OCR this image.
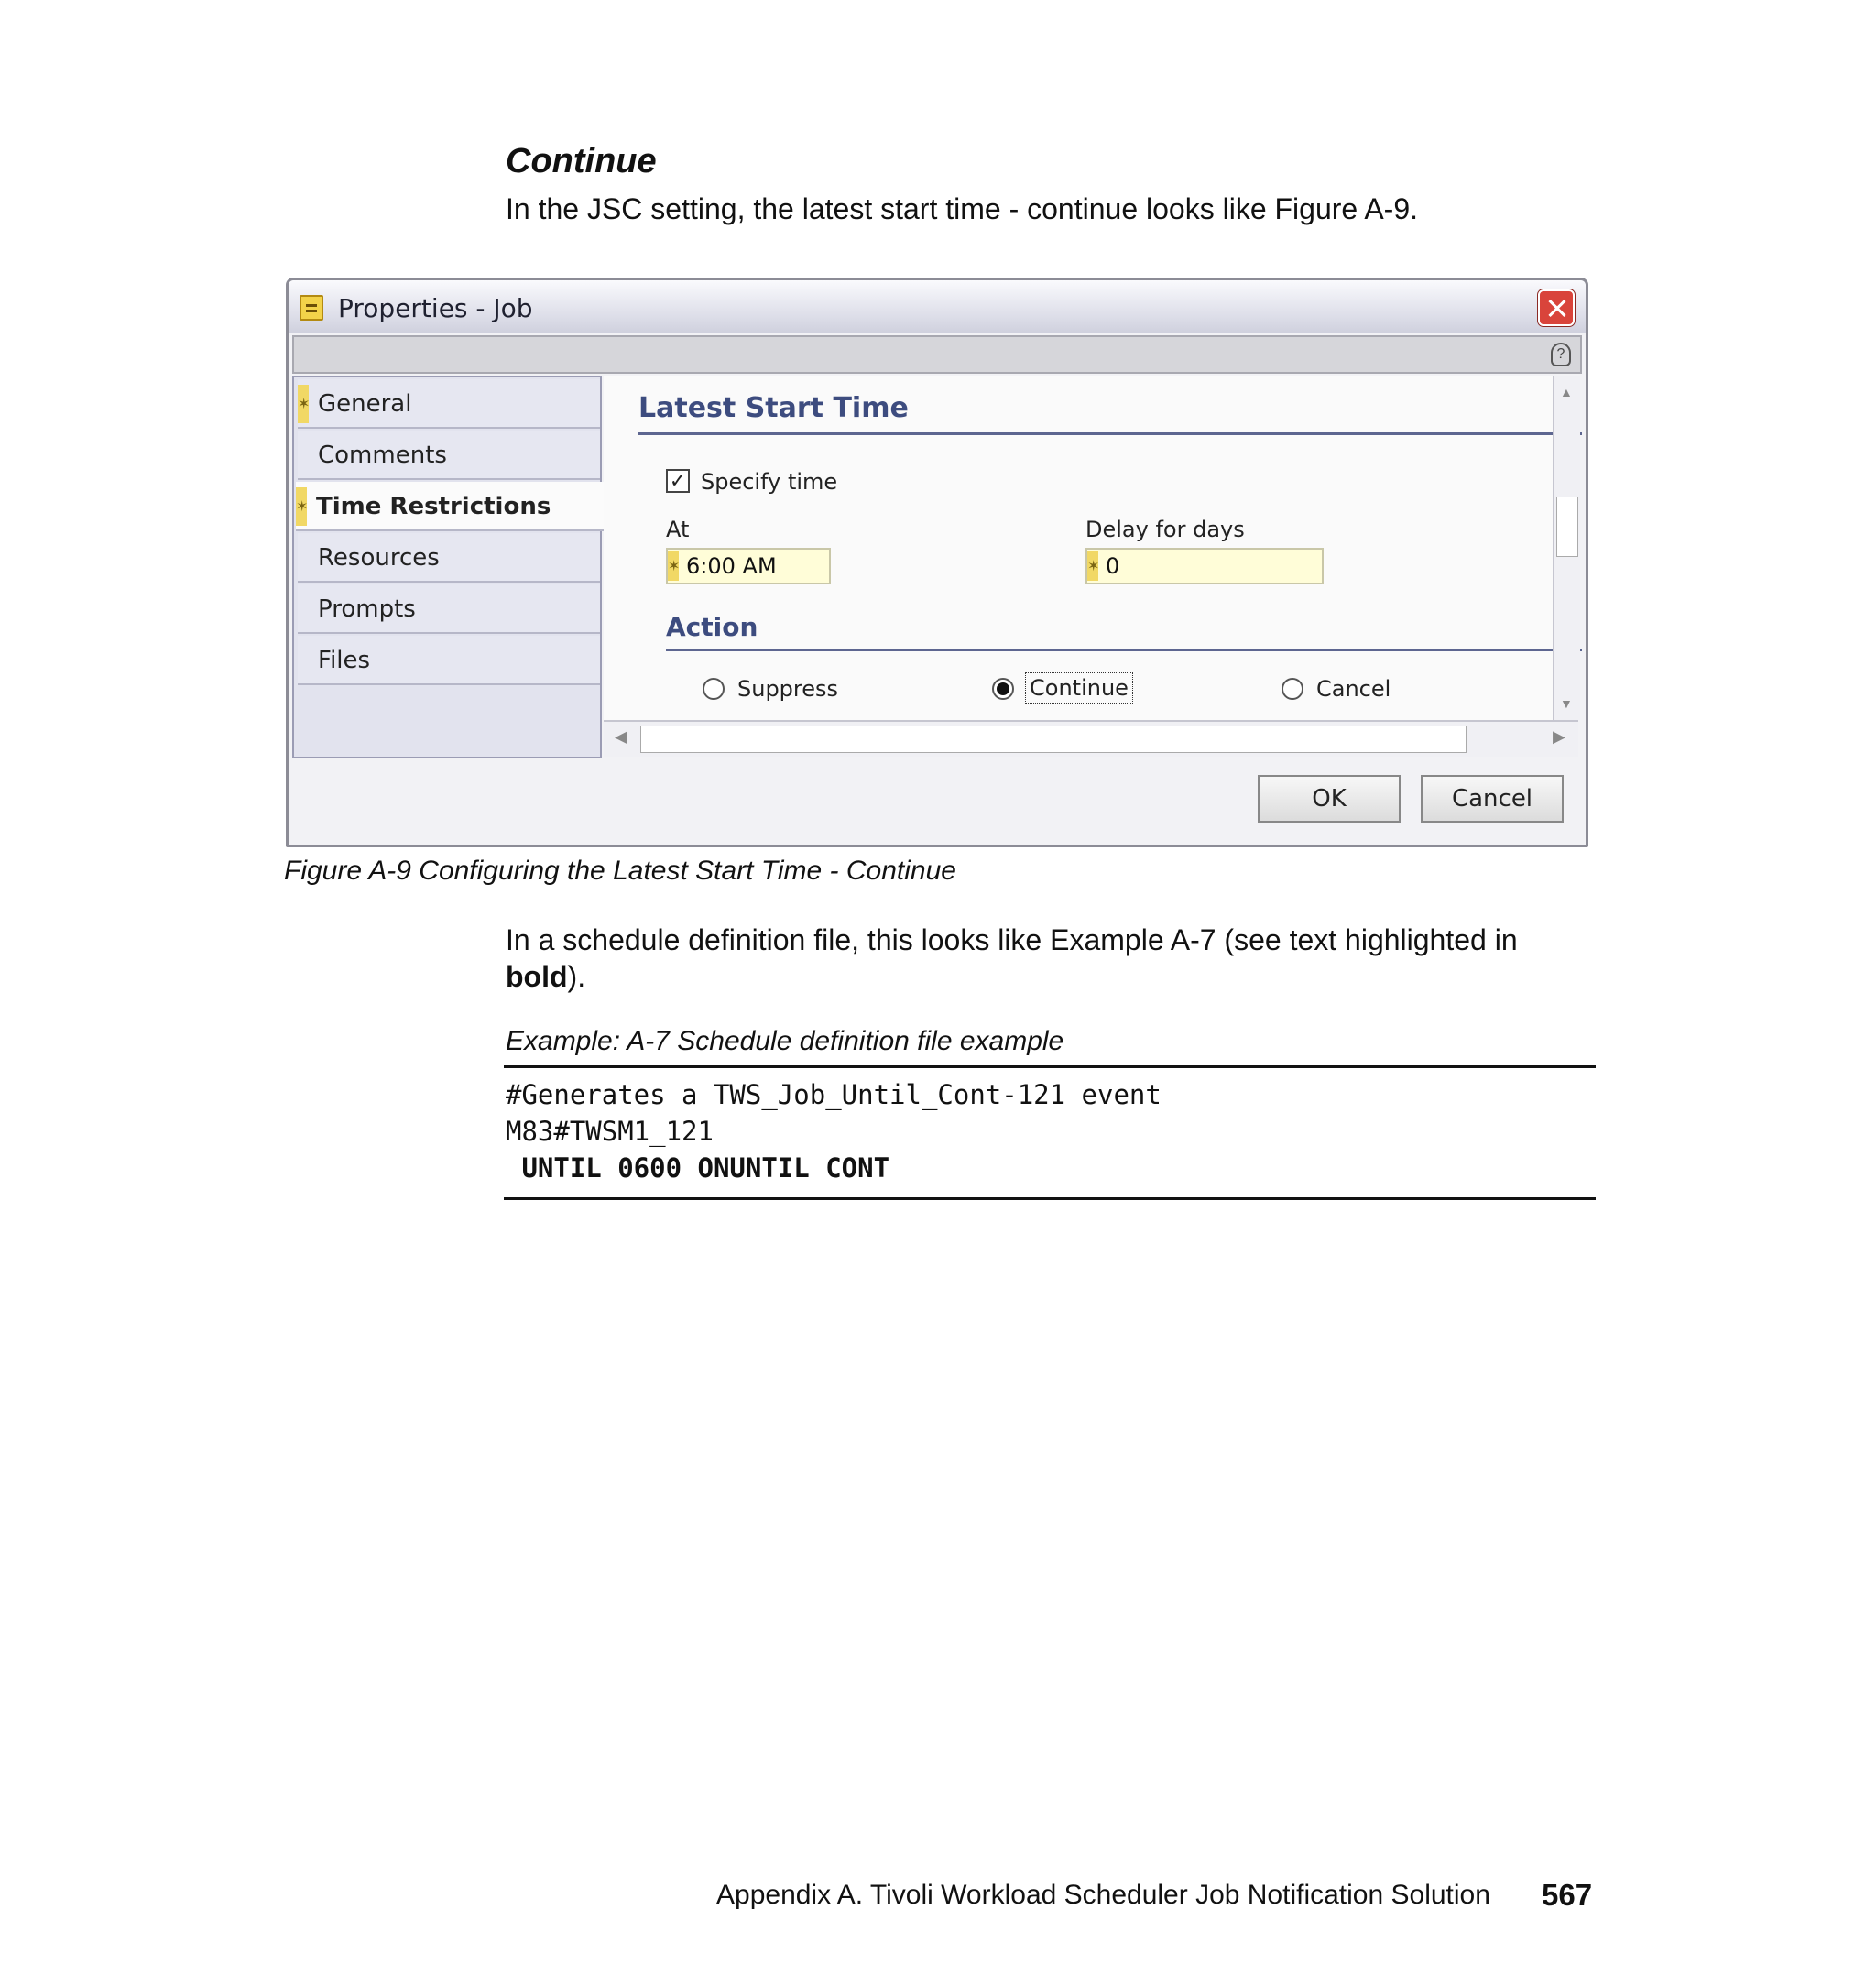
Continue
In the JSC setting, the latest start time - continue looks like Figure A-9.
Properties - Job
?
✶ General
Comments
✶ Time Restrictions
Resources
Prompts
Files
Latest Start Time
✓ Specify time
At
✶ 6:00 AM
Delay for days
✶ 0
Action
Suppress	Continue	Cancel
▲
▼
◀	▶
OK	Cancel
Figure A-9 Configuring the Latest Start Time - Continue
In a schedule definition file, this looks like Example A-7 (see text highlighted in
bold).
Example: A-7 Schedule definition file example
#Generates a TWS_Job_Until_Cont-121 event
M83#TWSM1_121
UNTIL 0600 ONUNTIL CONT
Appendix A. Tivoli Workload Scheduler Job Notification Solution 567
